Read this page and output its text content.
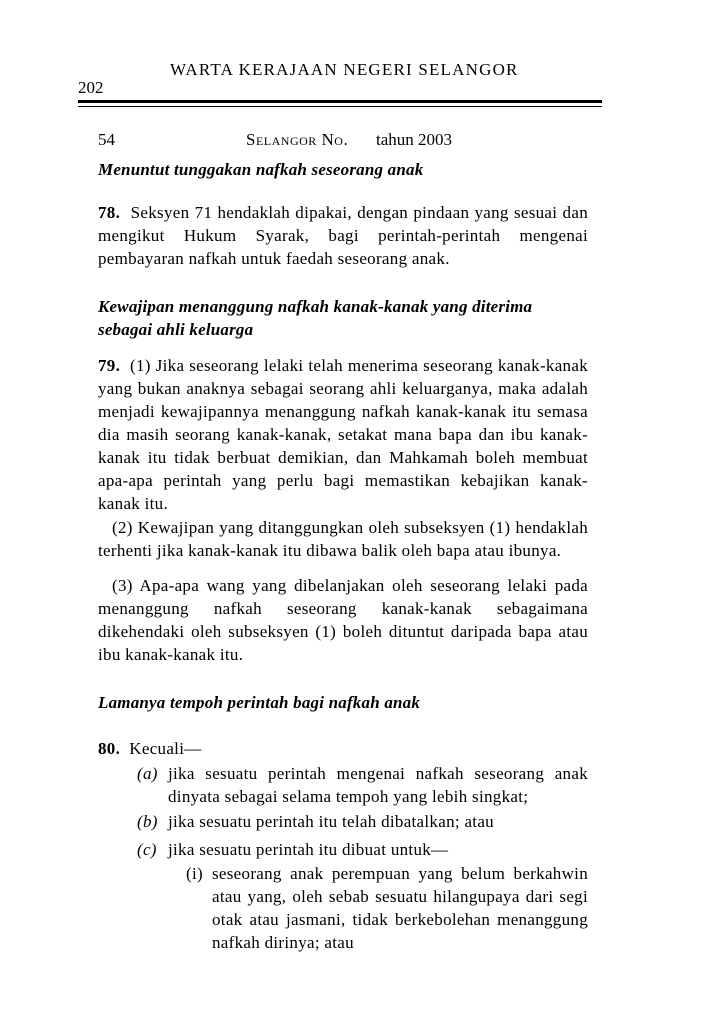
WARTA KERAJAAN NEGERI SELANGOR
202
54	Selangor No. tahun 2003

Menuntut tunggakan nafkah seseorang anak

78. Seksyen 71 hendaklah dipakai, dengan pindaan yang sesuai dan mengikut Hukum Syarak, bagi perintah-perintah mengenai pembayaran nafkah untuk faedah seseorang anak.

Kewajipan menanggung nafkah kanak-kanak yang diterima sebagai ahli keluarga

79. (1) Jika seseorang lelaki telah menerima seseorang kanak-kanak yang bukan anaknya sebagai seorang ahli keluarganya, maka adalah menjadi kewajipannya menanggung nafkah kanak-kanak itu semasa dia masih seorang kanak-kanak, setakat mana bapa dan ibu kanak-kanak itu tidak berbuat demikian, dan Mahkamah boleh membuat apa-apa perintah yang perlu bagi memastikan kebajikan kanak-kanak itu.

(2) Kewajipan yang ditanggungkan oleh subseksyen (1) hendaklah terhenti jika kanak-kanak itu dibawa balik oleh bapa atau ibunya.

(3) Apa-apa wang yang dibelanjakan oleh seseorang lelaki pada menanggung nafkah seseorang kanak-kanak sebagaimana dikehendaki oleh subseksyen (1) boleh dituntut daripada bapa atau ibu kanak-kanak itu.

Lamanya tempoh perintah bagi nafkah anak

80. Kecuali—

(a) jika sesuatu perintah mengenai nafkah seseorang anak dinyata sebagai selama tempoh yang lebih singkat;
(b) jika sesuatu perintah itu telah dibatalkan; atau
(c) jika sesuatu perintah itu dibuat untuk—
(i) seseorang anak perempuan yang belum berkahwin atau yang, oleh sebab sesuatu hilangupaya dari segi otak atau jasmani, tidak berkebolehan menanggung nafkah dirinya; atau
